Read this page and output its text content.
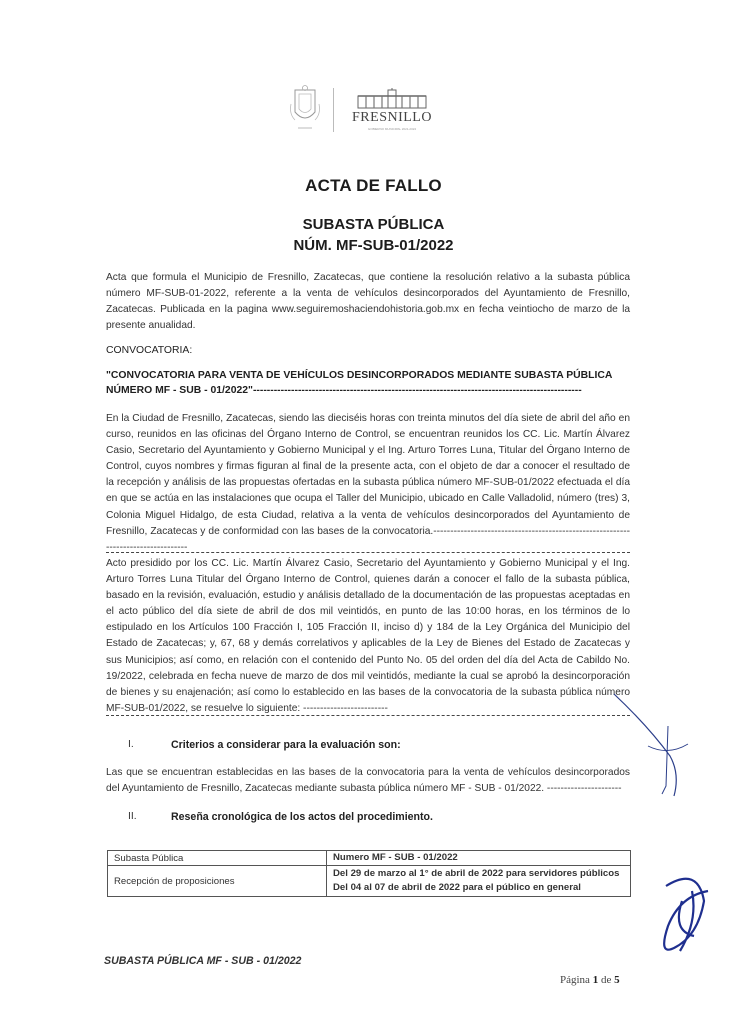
FRESNILLO
GOBIERNO MUNICIPAL 2021-2024
ACTA DE FALLO
SUBASTA PÚBLICA
NÚM. MF-SUB-01/2022
Acta que formula el Municipio de Fresnillo, Zacatecas, que contiene la resolución relativo a la subasta pública número MF-SUB-01-2022, referente a la venta de vehículos desincorporados del Ayuntamiento de Fresnillo, Zacatecas. Publicada en la pagina www.seguiremoshaciendohistoria.gob.mx en fecha veintiocho de marzo de la presente anualidad.
CONVOCATORIA:
"CONVOCATORIA PARA VENTA DE VEHÍCULOS DESINCORPORADOS MEDIANTE SUBASTA PÚBLICA NÚMERO MF - SUB - 01/2022"-----------------------------------------------------------------------------------------------
En la Ciudad de Fresnillo, Zacatecas, siendo las dieciséis horas con treinta minutos del día siete de abril del año en curso, reunidos en las oficinas del Órgano Interno de Control, se encuentran reunidos los CC. Lic. Martín Álvarez Casio, Secretario del Ayuntamiento y Gobierno Municipal y el Ing. Arturo Torres Luna, Titular del Órgano Interno de Control, cuyos nombres y firmas figuran al final de la presente acta, con el objeto de dar a conocer el resultado de la recepción y análisis de las propuestas ofertadas en la subasta pública número MF-SUB-01/2022 efectuada el día en que se actúa en las instalaciones que ocupa el Taller del Municipio, ubicado en Calle Valladolid, número (tres) 3, Colonia Miguel Hidalgo, de esta Ciudad, relativa a la venta de vehículos desincorporados del Ayuntamiento de Fresnillo, Zacatecas y de conformidad con las bases de la convocatoria.----------------------------------------------------------------------------------
Acto presidido por los CC. Lic. Martín Álvarez Casio, Secretario del Ayuntamiento y Gobierno Municipal y el Ing. Arturo Torres Luna Titular del Órgano Interno de Control, quienes darán a conocer el fallo de la subasta pública, basado en la revisión, evaluación, estudio y análisis detallado de la documentación de las propuestas aceptadas en el acto público del día siete de abril de dos mil veintidós, en punto de las 10:00 horas, en los términos de lo estipulado en los Artículos 100 Fracción I, 105 Fracción II, inciso d) y 184 de la Ley Orgánica del Municipio del Estado de Zacatecas; y, 67, 68 y demás correlativos y aplicables de la Ley de Bienes del Estado de Zacatecas y sus Municipios; así como, en relación con el contenido del Punto No. 05 del orden del día del Acta de Cabildo No. 19/2022, celebrada en fecha nueve de marzo de dos mil veintidós, mediante la cual se aprobó la desincorporación de bienes y su enajenación; así como lo establecido en las bases de la convocatoria de la subasta pública número MF-SUB-01/2022, se resuelve lo siguiente: -------------------------
I.	Criterios a considerar para la evaluación son:
Las que se encuentran establecidas en las bases de la convocatoria para la venta de vehículos desincorporados del Ayuntamiento de Fresnillo, Zacatecas mediante subasta pública número MF - SUB - 01/2022. ----------------------
II.	Reseña cronológica de los actos del procedimiento.
Subasta Pública	Numero MF - SUB - 01/2022
Recepción de proposiciones	Del 29 de marzo al 1° de abril de 2022 para servidores públicos
Del 04 al 07 de abril de 2022 para el público en general
SUBASTA PÚBLICA MF - SUB - 01/2022
Página 1 de 5
